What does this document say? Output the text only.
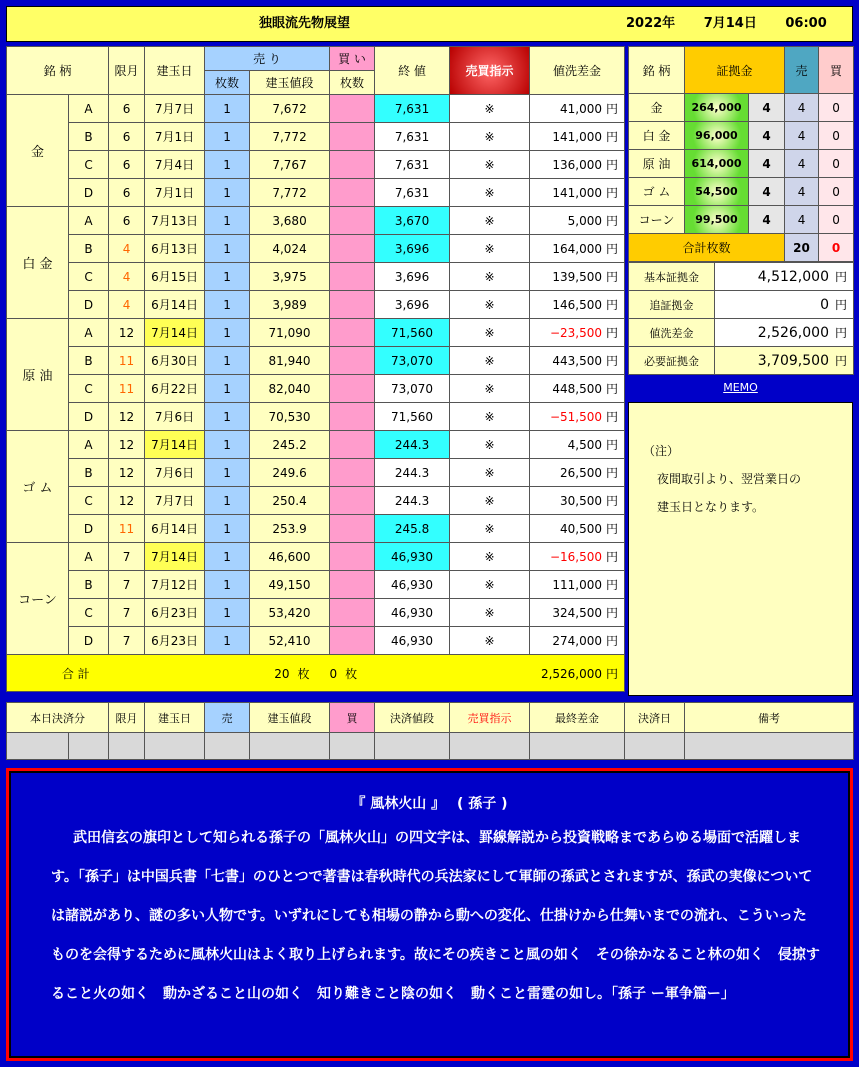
独眼流先物展望	2022年 7月14日 06:00
銘 柄		限月	建玉日	売 り		買 い	終 値	売買指示	値洗差金
				枚数	建玉値段	枚数			
金	A	6	7月7日	1	7,672		7,631	※	41,000 円
	B	6	7月1日	1	7,772		7,631	※	141,000 円
	C	6	7月4日	1	7,767		7,631	※	136,000 円
	D	6	7月1日	1	7,772		7,631	※	141,000 円
白 金	A	6	7月13日	1	3,680		3,670	※	5,000 円
	B	4	6月13日	1	4,024		3,696	※	164,000 円
	C	4	6月15日	1	3,975		3,696	※	139,500 円
	D	4	6月14日	1	3,989		3,696	※	146,500 円
原 油	A	12	7月14日	1	71,090		71,560	※	−23,500 円
	B	11	6月30日	1	81,940		73,070	※	443,500 円
	C	11	6月22日	1	82,040		73,070	※	448,500 円
	D	12	7月6日	1	70,530		71,560	※	−51,500 円
ゴ ム	A	12	7月14日	1	245.2		244.3	※	4,500 円
	B	12	7月6日	1	249.6		244.3	※	26,500 円
	C	12	7月7日	1	250.4		244.3	※	30,500 円
	D	11	6月14日	1	253.9		245.8	※	40,500 円
コーン	A	7	7月14日	1	46,600		46,930	※	−16,500 円
	B	7	7月12日	1	49,150		46,930	※	111,000 円
	C	7	6月23日	1	53,420		46,930	※	324,500 円
	D	7	6月23日	1	52,410		46,930	※	274,000 円
合 計			20 枚			0 枚		2,526,000 円	
銘 柄	証拠金		売	買
金	264,000	4	4	0
白 金	96,000	4	4	0
原 油	614,000	4	4	0
ゴ ム	54,500	4	4	0
コーン	99,500	4	4	0
合計枚数			20	0
基本証拠金	4,512,000 円
追証拠金	0 円
値洗差金	2,526,000 円
必要証拠金	3,709,500 円
MEMO
（注）
夜間取引より、翌営業日の
建玉日となります。
本日決済分		限月	建玉日	売	建玉値段	買	決済値段	売買指示	最終差金	決済日	備考

『 風林火山 』　 ( 孫子 )
武田信玄の旗印として知られる孫子の「風林火山」の四文字は、罫線解説から投資戦略まであらゆる場面で活躍します。「孫子」は中国兵書「七書」のひとつで著書は春秋時代の兵法家にして軍師の孫武とされますが、孫武の実像については諸説があり、謎の多い人物です。いずれにしても相場の静から動への変化、仕掛けから仕舞いまでの流れ、こういったものを会得するために風林火山はよく取り上げられます。故にその疾きこと風の如く　その徐かなること林の如く　侵掠すること火の如く　動かざること山の如く　知り難きこと陰の如く　動くこと雷霆の如し。「孫子 ー軍争篇ー」
